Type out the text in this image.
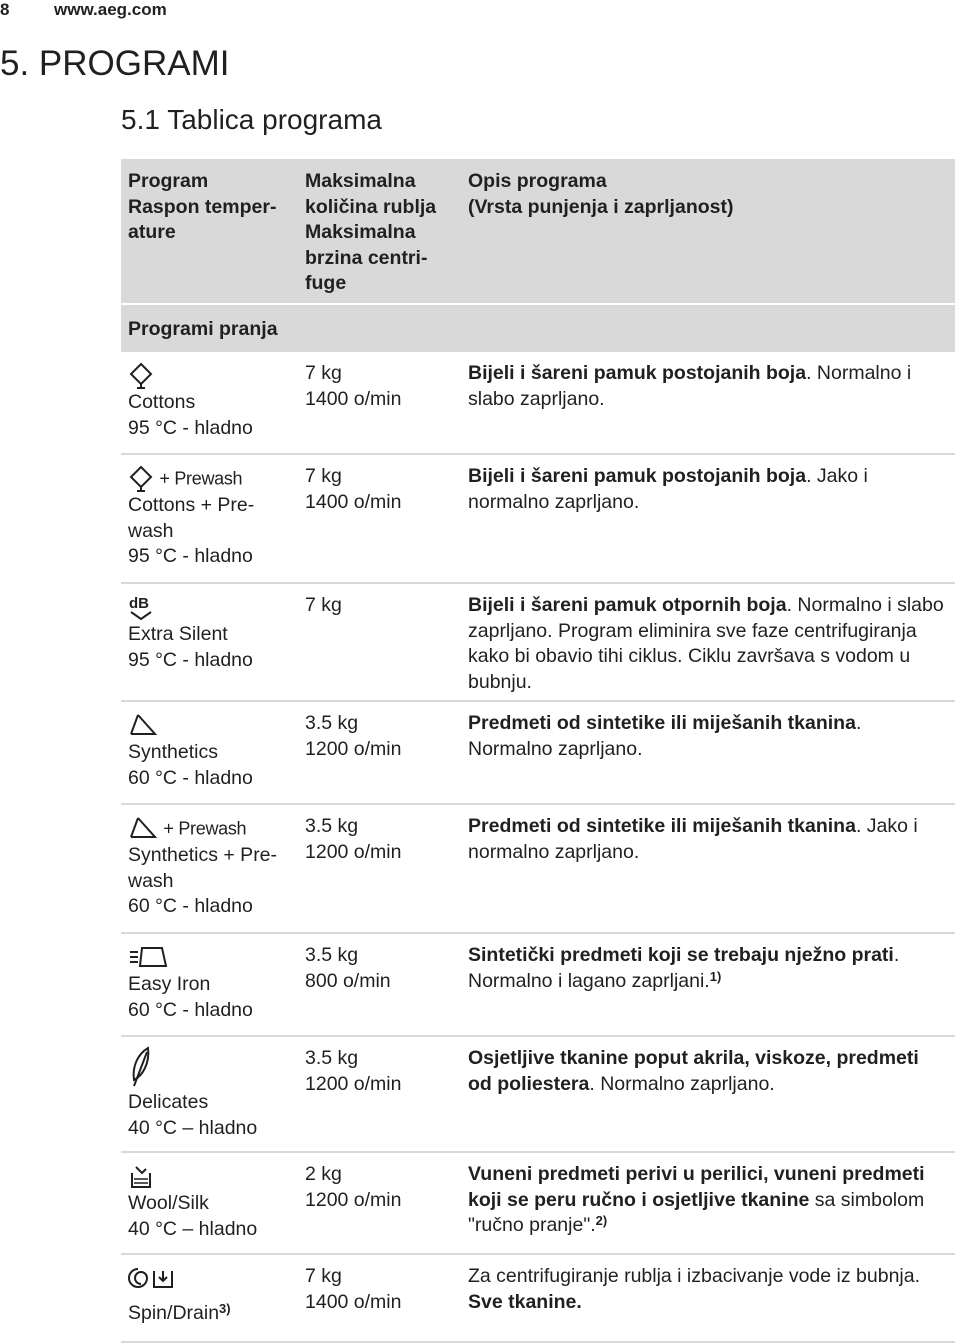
8	www.aeg.com
5. PROGRAMI
5.1 Tablica programa
Program
Raspon temper-
ature
Maksimalna
količina rublja
Maksimalna
brzina centri-
fuge
Opis programa
(Vrsta punjenja i zaprljanost)
Programi pranja
Cottons
95 °C - hladno
7 kg
1400 o/min
Bijeli i šareni pamuk postojanih boja. Normalno i slabo zaprljano.
+ Prewash
Cottons + Pre-
wash
95 °C - hladno
7 kg
1400 o/min
Bijeli i šareni pamuk postojanih boja. Jako i normalno zaprljano.
dB
Extra Silent
95 °C - hladno
7 kg	Bijeli i šareni pamuk otpornih boja. Normalno i slabo zaprljano. Program eliminira sve faze centrifugiranja kako bi obavio tihi ciklus. Ciklu završava s vodom u bubnju.
Synthetics
60 °C - hladno
3.5 kg
1200 o/min
Predmeti od sintetike ili miješanih tkanina. Normalno zaprljano.
+ Prewash
Synthetics + Pre-
wash
60 °C - hladno
3.5 kg
1200 o/min
Predmeti od sintetike ili miješanih tkanina. Jako i normalno zaprljano.
Easy Iron
60 °C - hladno
3.5 kg
800 o/min
Sintetički predmeti koji se trebaju nježno prati. Normalno i lagano zaprljani.$^{1)}$
Delicates
40 °C – hladno
3.5 kg
1200 o/min
Osjetljive tkanine poput akrila, viskoze, predmeti od poliestera. Normalno zaprljano.
Wool/Silk
40 °C – hladno
2 kg
1200 o/min
Vuneni predmeti perivi u perilici, vuneni predmeti koji se peru ručno i osjetljive tkanine sa simbolom "ručno pranje".$^{2)}$
Spin/Drain$^{3)}$
7 kg
1400 o/min
Za centrifugiranje rublja i izbacivanje vode iz bubnja. Sve tkanine.
